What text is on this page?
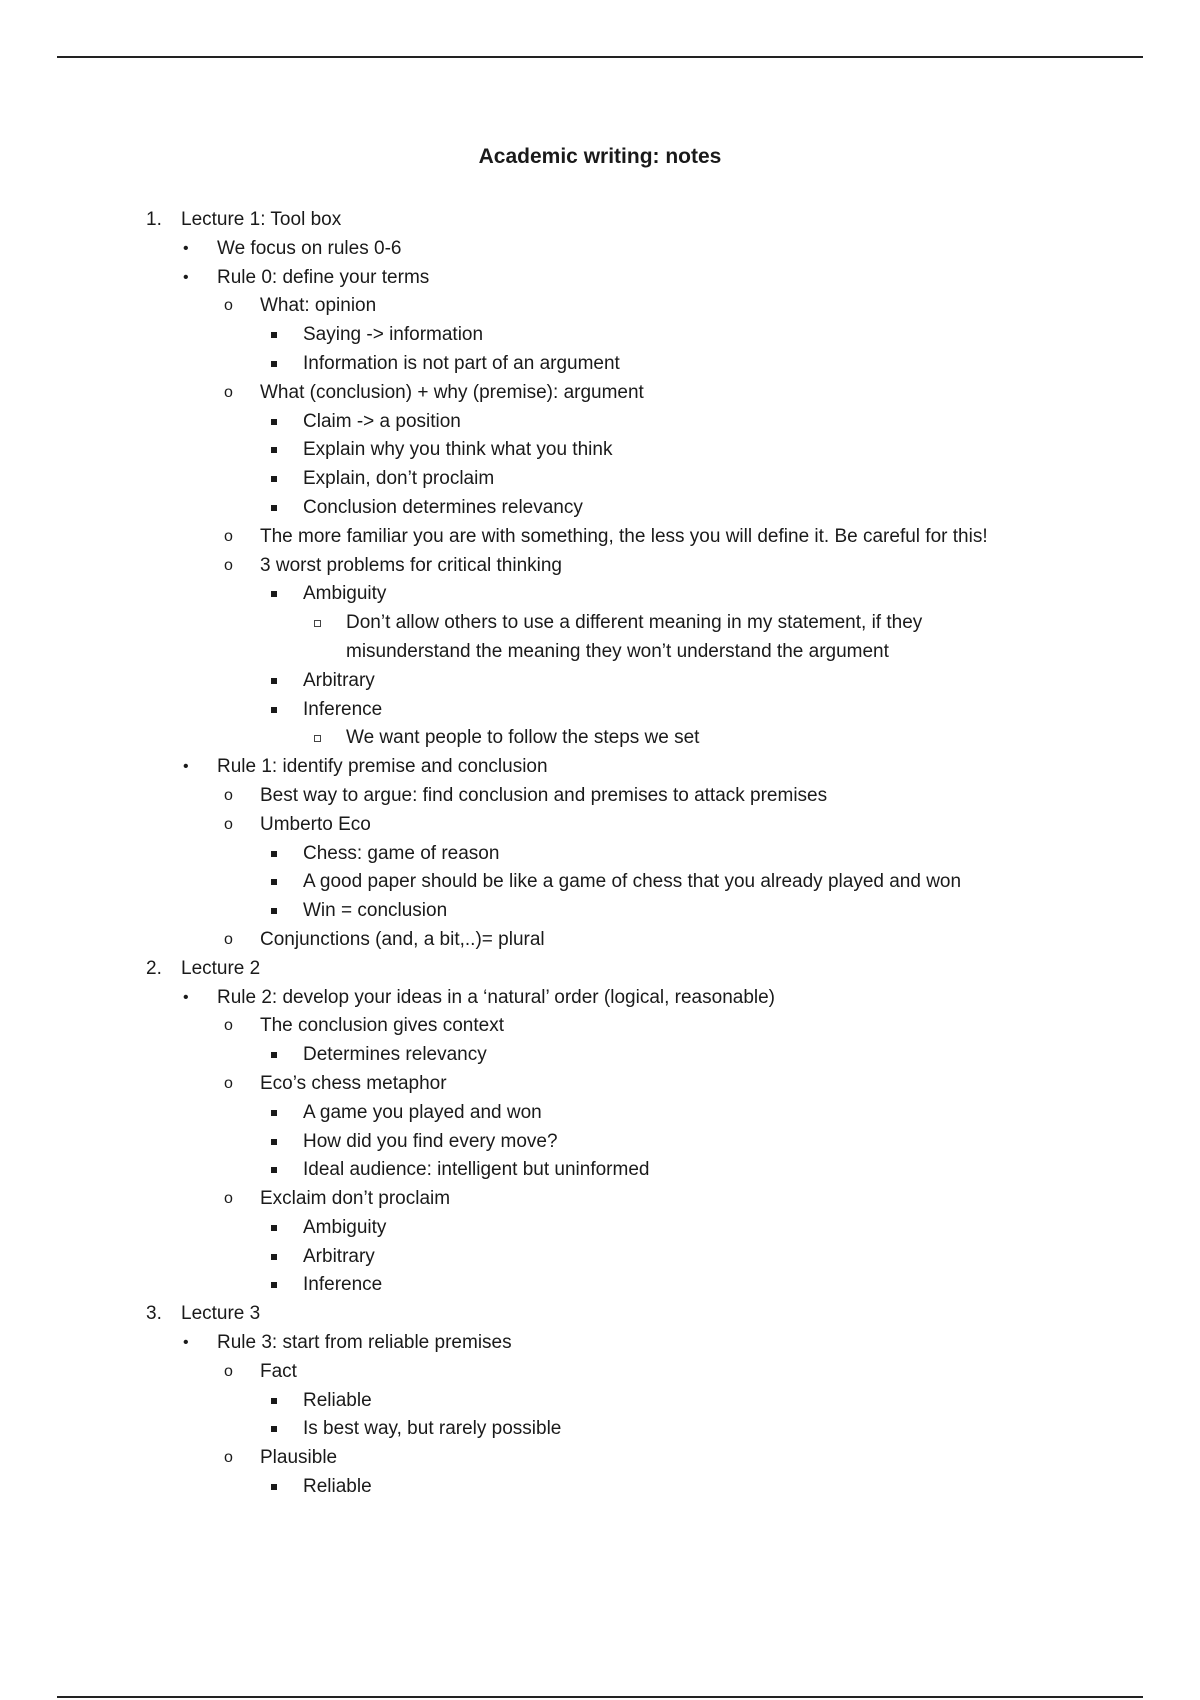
Academic writing: notes
1. Lecture 1: Tool box
• We focus on rules 0-6
• Rule 0: define your terms
o What: opinion
Saying -> information
Information is not part of an argument
o What (conclusion) + why (premise): argument
Claim -> a position
Explain why you think what you think
Explain, don’t proclaim
Conclusion determines relevancy
o The more familiar you are with something, the less you will define it. Be careful for this!
o 3 worst problems for critical thinking
Ambiguity
Don’t allow others to use a different meaning in my statement, if they misunderstand the meaning they won’t understand the argument
Arbitrary
Inference
We want people to follow the steps we set
• Rule 1: identify premise and conclusion
o Best way to argue: find conclusion and premises to attack premises
o Umberto Eco
Chess: game of reason
A good paper should be like a game of chess that you already played and won
Win = conclusion
o Conjunctions (and, a bit,..)= plural
2. Lecture 2
• Rule 2: develop your ideas in a ‘natural’ order (logical, reasonable)
o The conclusion gives context
Determines relevancy
o Eco’s chess metaphor
A game you played and won
How did you find every move?
Ideal audience: intelligent but uninformed
o Exclaim don’t proclaim
Ambiguity
Arbitrary
Inference
3. Lecture 3
• Rule 3: start from reliable premises
o Fact
Reliable
Is best way, but rarely possible
o Plausible
Reliable
